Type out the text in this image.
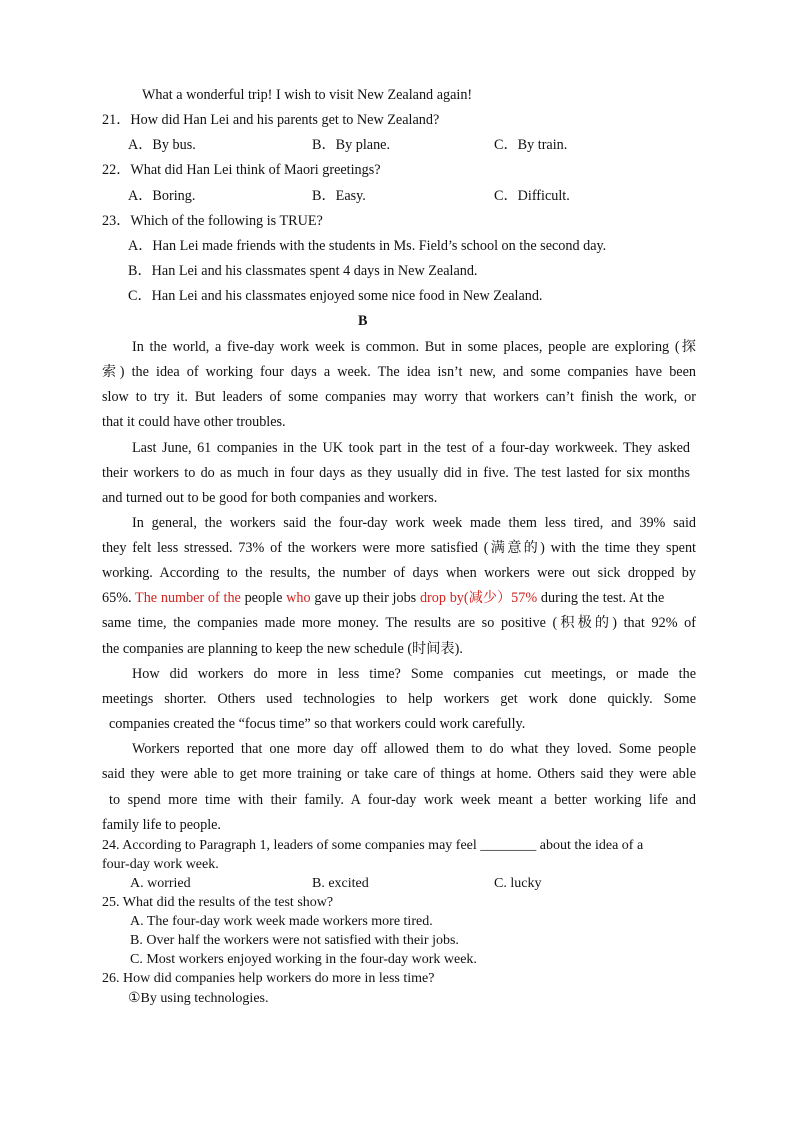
What a wonderful trip! I wish to visit New Zealand again!
21．How did Han Lei and his parents get to New Zealand?
A．By bus.	B．By plane.	C．By train.
22．What did Han Lei think of Maori greetings?
A．Boring.	B．Easy.	C．Difficult.
23．Which of the following is TRUE?
A．Han Lei made friends with the students in Ms. Field’s school on the second day.
B．Han Lei and his classmates spent 4 days in New Zealand.
C．Han Lei and his classmates enjoyed some nice food in New Zealand.
B
In the world, a five-day work week is common. But in some places, people are exploring (探
索) the idea of working four days a week. The idea isn’t new, and some companies have been
slow to try it. But leaders of some companies may worry that workers can’t finish the work, or
that it could have other troubles.
Last June, 61 companies in the UK took part in the test of a four-day workweek. They asked
their workers to do as much in four days as they usually did in five. The test lasted for six months
and turned out to be good for both companies and workers.
In general, the workers said the four-day work week made them less tired, and 39% said
they felt less stressed. 73% of the workers were more satisfied (满意的) with the time they spent
working. According to the results, the number of days when workers were out sick dropped by
65%. The number of the people who gave up their jobs drop by(减少）57% during the test. At the
same time, the companies made more money. The results are so positive (积极的) that 92% of
the companies are planning to keep the new schedule (时间表).
How did workers do more in less time? Some companies cut meetings, or made the
meetings shorter. Others used technologies to help workers get work done quickly. Some
companies created the “focus time” so that workers could work carefully.
Workers reported that one more day off allowed them to do what they loved. Some people
said they were able to get more training or take care of things at home. Others said they were able
to spend more time with their family. A four-day work week meant a better working life and
family life to people.
24. According to Paragraph 1, leaders of some companies may feel ________ about the idea of a
four-day work week.
A. worried	B. excited	C. lucky
25. What did the results of the test show?
A. The four-day work week made workers more tired.
B. Over half the workers were not satisfied with their jobs.
C. Most workers enjoyed working in the four-day work week.
26. How did companies help workers do more in less time?
①By using technologies.
